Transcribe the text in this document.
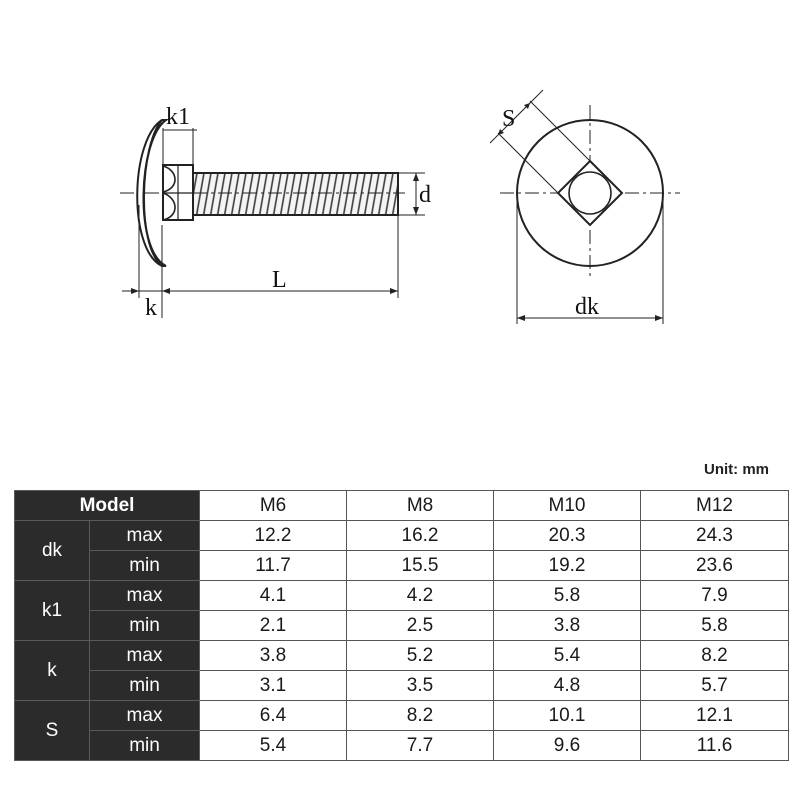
k1
d
L
k
S
dk
Unit: mm
Model		M6	M8	M10	M12
dk	max	12.2	16.2	20.3	24.3
	min	11.7	15.5	19.2	23.6
k1	max	4.1	4.2	5.8	7.9
	min	2.1	2.5	3.8	5.8
k	max	3.8	5.2	5.4	8.2
	min	3.1	3.5	4.8	5.7
S	max	6.4	8.2	10.1	12.1
	min	5.4	7.7	9.6	11.6
